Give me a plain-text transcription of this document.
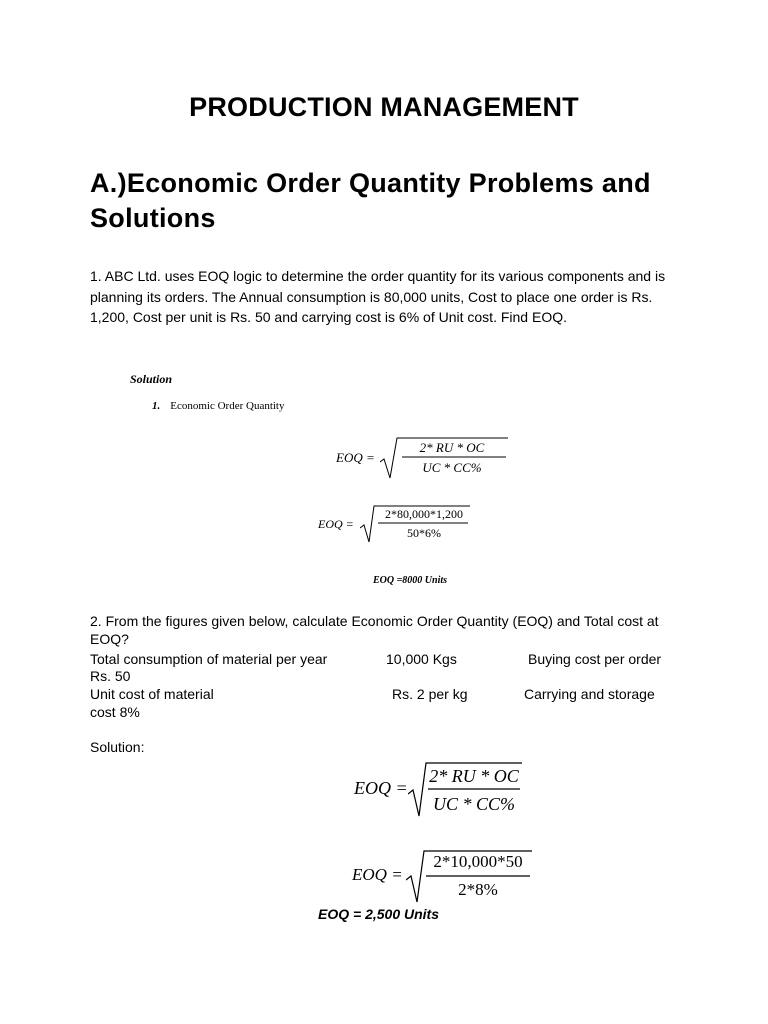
PRODUCTION MANAGEMENT
A.)Economic Order Quantity Problems and Solutions
1. ABC Ltd. uses EOQ logic to determine the order quantity for its various components and is planning its orders. The Annual consumption is 80,000 units, Cost to place one order is Rs. 1,200, Cost per unit is Rs. 50 and carrying cost is 6% of Unit cost. Find EOQ.
Solution
1. Economic Order Quantity
EOQ =
2* RU * OC
UC * CC%
EOQ =
2*80,000*1,200
50*6%
EOQ =8000 Units
2. From the figures given below, calculate Economic Order Quantity (EOQ) and Total cost at EOQ?
Total consumption of material per year	10,000 Kgs	Buying cost per order
Rs. 50
Unit cost of material	Rs. 2 per kg	Carrying and storage
cost 8%
Solution:
EOQ =
2* RU * OC
UC * CC%
EOQ =
2*10,000*50
2*8%
EOQ = 2,500 Units
